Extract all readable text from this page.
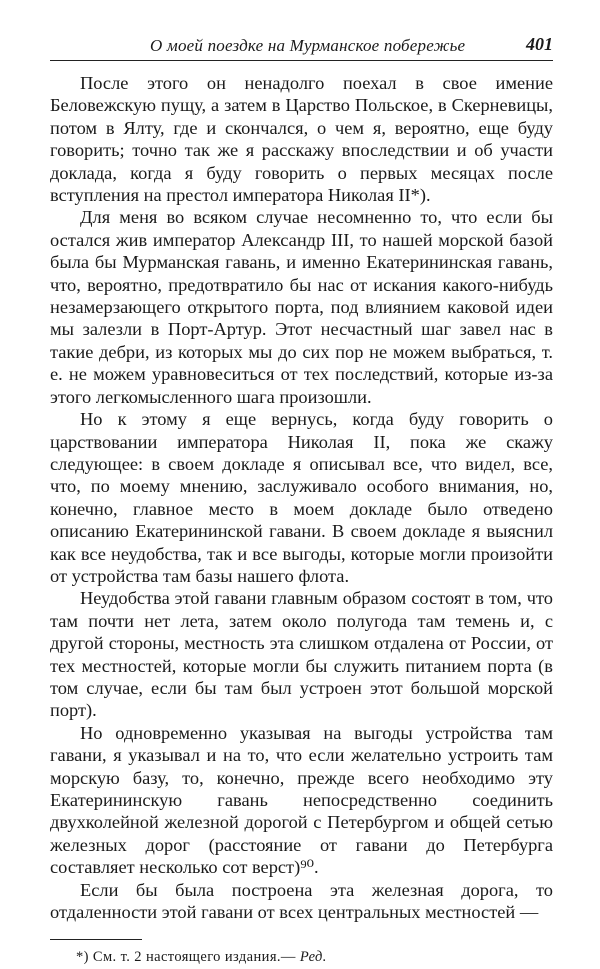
О моей поездке на Мурманское побережье	401

После этого он ненадолго поехал в свое имение Беловежскую пущу, а затем в Царство Польское, в Скерневицы, потом в Ялту, где и скончался, о чем я, вероятно, еще буду говорить; точно так же я расскажу впоследствии и об участи доклада, когда я буду говорить о первых месяцах после вступления на престол императора Николая II*).

Для меня во всяком случае несомненно то, что если бы остался жив император Александр III, то нашей морской базой была бы Мурманская гавань, и именно Екатерининская гавань, что, вероятно, предотвратило бы нас от искания какого-нибудь незамерзающего открытого порта, под влиянием каковой идеи мы залезли в Порт-Артур. Этот несчастный шаг завел нас в такие дебри, из которых мы до сих пор не можем выбраться, т. е. не можем уравновеситься от тех последствий, которые из-за этого легкомысленного шага произошли.

Но к этому я еще вернусь, когда буду говорить о царствовании императора Николая II, пока же скажу следующее: в своем докладе я описывал все, что видел, все, что, по моему мнению, заслуживало особого внимания, но, конечно, главное место в моем докладе было отведено описанию Екатерининской гавани. В своем докладе я выяснил как все неудобства, так и все выгоды, которые могли произойти от устройства там базы нашего флота.

Неудобства этой гавани главным образом состоят в том, что там почти нет лета, затем около полугода там темень и, с другой стороны, местность эта слишком отдалена от России, от тех местностей, которые могли бы служить питанием порта (в том случае, если бы там был устроен этот большой морской порт).

Но одновременно указывая на выгоды устройства там гавани, я указывал и на то, что если желательно устроить там морскую базу, то, конечно, прежде всего необходимо эту Екатерининскую гавань непосредственно соединить двухколейной железной дорогой с Петербургом и общей сетью железных дорог (расстояние от гавани до Петербурга составляет несколько сот верст)⁹⁰.

Если бы была построена эта железная дорога, то отдаленности этой гавани от всех центральных местностей —

*) См. т. 2 настоящего издания.— Ред.
